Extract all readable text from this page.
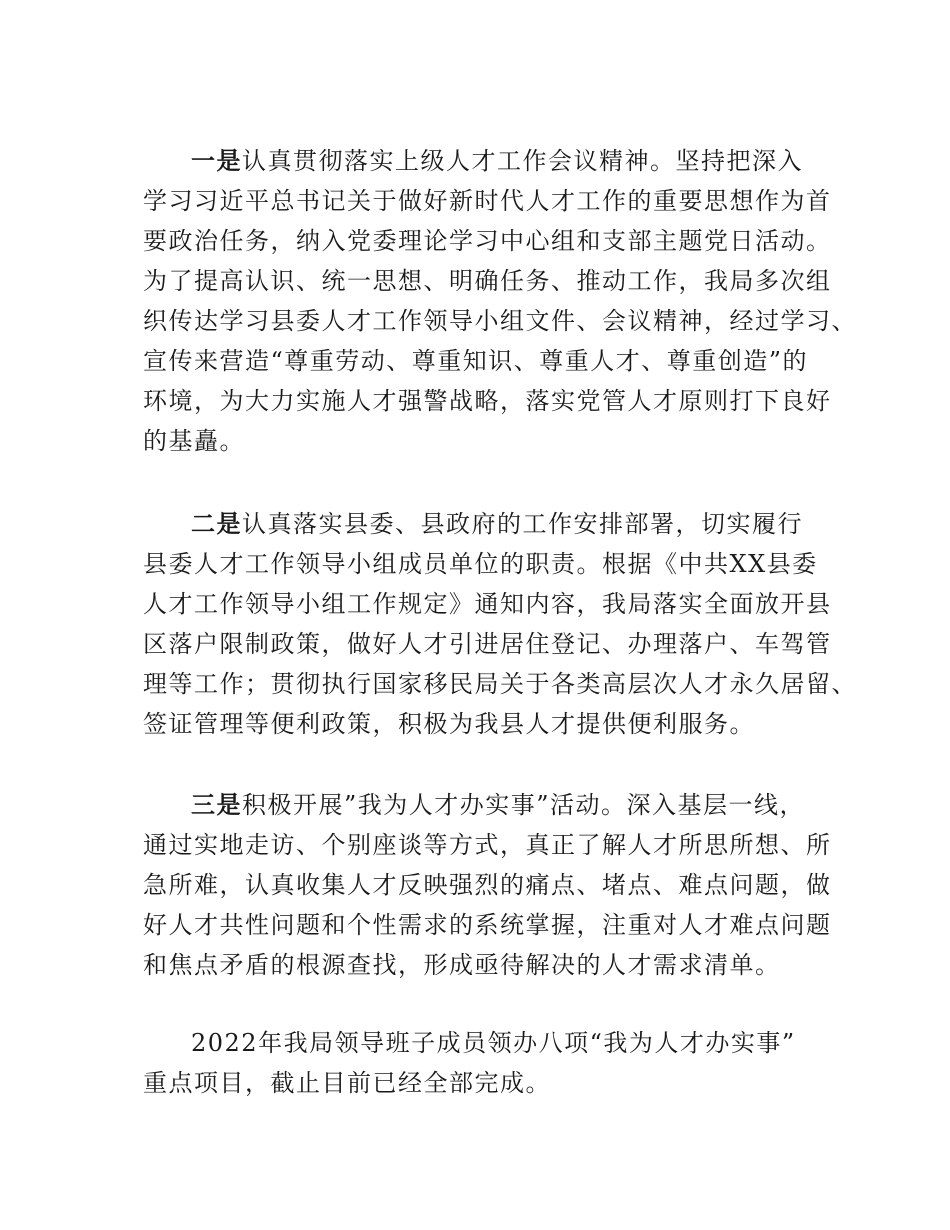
一是认真贯彻落实上级人才工作会议精神。坚持把深入
学习习近平总书记关于做好新时代人才工作的重要思想作为首
要政治任务，纳入党委理论学习中心组和支部主题党日活动。
为了提高认识、统一思想、明确任务、推动工作，我局多次组
织传达学习县委人才工作领导小组文件、会议精神，经过学习、
宣传来营造“尊重劳动、尊重知识、尊重人才、尊重创造”的
环境，为大力实施人才强警战略，落实党管人才原则打下良好
的基矗。
二是认真落实县委、县政府的工作安排部署，切实履行
县委人才工作领导小组成员单位的职责。根据《中共XX县委
人才工作领导小组工作规定》通知内容，我局落实全面放开县
区落户限制政策，做好人才引进居住登记、办理落户、车驾管
理等工作；贯彻执行国家移民局关于各类高层次人才永久居留、
签证管理等便利政策，积极为我县人才提供便利服务。
三是积极开展”我为人才办实事”活动。深入基层一线，
通过实地走访、个别座谈等方式，真正了解人才所思所想、所
急所难，认真收集人才反映强烈的痛点、堵点、难点问题，做
好人才共性问题和个性需求的系统掌握，注重对人才难点问题
和焦点矛盾的根源查找，形成亟待解决的人才需求清单。
2022年我局领导班子成员领办八项“我为人才办实事”
重点项目，截止目前已经全部完成。
